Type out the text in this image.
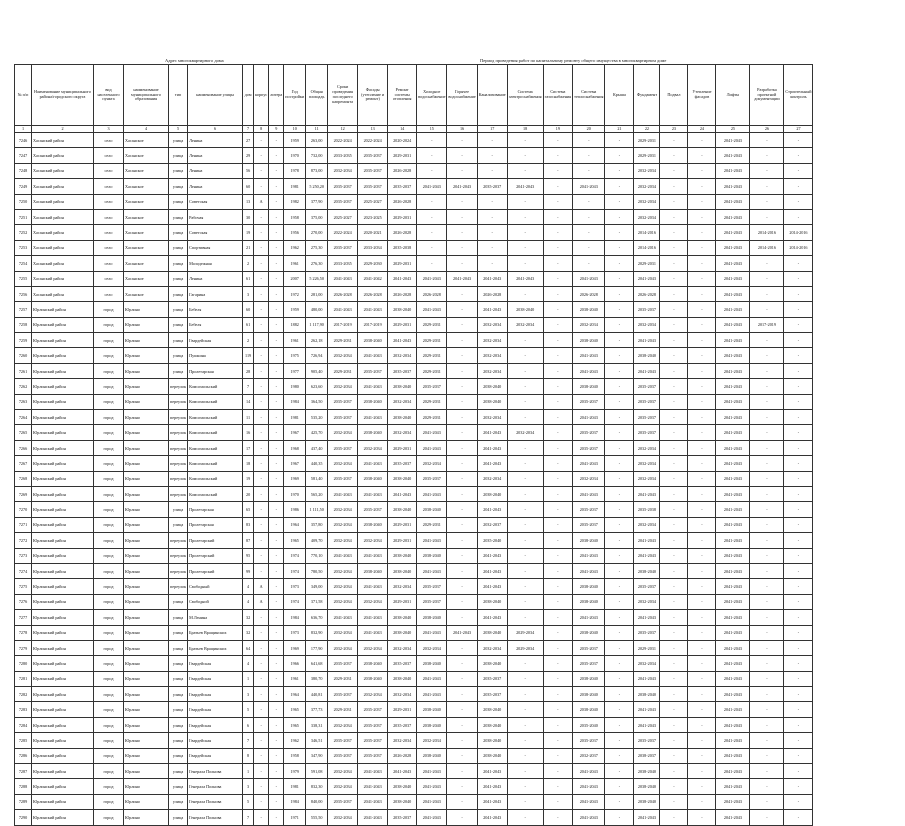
Адрес многоквартирного дома	Период проведения работ по капитальному ремонту общего имущества в многоквартирном доме
№ п/п	Наименование муниципального района/городского округа	вид населенного пункта	наименование муниципального образования	тип	наименование улицы	дом	корпус	литера	Год постройки	Общая площадь	Сроки проведения последнего капремонта	Фасады (утепление и ремонт)	Ремонт системы отопления	Холодное водоснабжение	Горячее водоснабжение	Канализование	Система электроснабжения	Система газоснабжения	Система теплоснабжения	Крыша	Фундамент	Подвал	Утепление фасадов	Лифты	Разработка проектной документации	Строительный контроль
1	2	3	4	5	6	7	8	9	10	11	12	13	14	15	16	17	18	19	20	21	22	23	24	25	26	27
7246	Хасанский район	село	Хасанское	улица	Ленина	27	-	-	1959	263,00	2022-2024	2022-2024	2020-2024	-	-	-	-	-	-	-	2029-2031	-	-	2041-2043	-	-
7247	Хасанский район	село	Хасанское	улица	Ленина	29	-	-	1970	732,00	2033-2035	2035-2037	2029-2031	-	-	-	-	-	-	-	2029-2031	-	-	2041-2043	-	-
7248	Хасанский район	село	Хасанское	улица	Ленина	56	-	-	1978	873,00	2032-2034	2035-2037	2026-2028	-	-	-	-	-	-	-	2032-2034	-	-	2041-2043	-	-
7249	Хасанский район	село	Хасанское	улица	Ленина	60	-	-	1981	5 250,20	2035-2037	2035-2037	2035-2037	2041-2043	2041-2043	2035-2037	2041-2043	-	2041-2043	-	2032-2034	-	-	2041-2043	-	-
7250	Хасанский район	село	Хасанское	улица	Советская	13	А	-	1982	377,90	2035-2037	2025-2027	2026-2028	-	-	-	-	-	-	-	2032-2034	-	-	2041-2043	-	-
7251	Хасанский район	село	Хасанское	улица	Рабочая	30	-	-	1958	375,00	2025-2027	2023-2025	2029-2031	-	-	-	-	-	-	-	2032-2034	-	-	2041-2043	-	-
7252	Хасанский район	село	Хасанское	улица	Советская	19	-	-	1956	270,00	2022-2024	2020-2021	2026-2028	-	-	-	-	-	-	-	2014-2016	-	-	2041-2043	2014-2016	2014-2016
7253	Хасанский район	село	Хасанское	улица	Спортивная	21	-	-	1962	275,30	2035-2037	2033-2034	2035-2038	-	-	-	-	-	-	-	2014-2016	-	-	2041-2043	2014-2016	2014-2016
7254	Хасанский район	село	Хасанское	улица	Молодежная	2	-	-	1961	276,30	2033-2035	2029-2030	2029-2031	-	-	-	-	-	-	-	2029-2031	-	-	2041-2043	-	-
7255	Хасанский район	село	Хасанское	улица	Ленина	61	-	-	2007	5 226,50	2041-2043	2041-2042	2041-2043	2041-2043	2041-2043	2041-2043	2041-2043	-	2041-2043	-	2041-2043	-	-	2041-2043	-	-
7256	Хасанский район	село	Хасанское	улица	Гагарина	3	-	-	1972	281,00	2026-2028	2026-2028	2026-2028	2026-2028	-	2026-2028	-	-	2026-2028	-	2026-2028	-	-	2041-2043	-	-
7257	Юрлинский район	город	Юрлино	улица	Бебеля	60	-	-	1959	480,00	2041-2043	2041-2043	2038-2040	2041-2043	-	2041-2043	2038-2040	-	2038-2040	-	2035-2037	-	-	2041-2043	-	-
7258	Юрлинский район	город	Юрлино	улица	Бебеля	61	-	-	1882	1 117,90	2017-2019	2017-2019	2029-2031	2029-2031	-	2032-2034	2032-2034	-	2032-2034	-	2032-2034	-	-	2041-2043	2017-2019	-
7259	Юрлинский район	город	Юрлино	улица	Гвардейская	2	-	-	1961	262,18	2029-2031	2038-2040	2041-2043	2029-2031	-	2032-2034	-	-	2038-2040	-	2041-2043	-	-	2041-2043	-	-
7260	Юрлинский район	город	Юрлино	улица	Пушкина	119	-	-	1975	726,94	2032-2034	2041-2043	2032-2034	2029-2031	-	2032-2034	-	-	2041-2043	-	2038-2040	-	-	2041-2043	-	-
7261	Юрлинский район	город	Юрлино	улица	Пролетарская	28	-	-	1977	905,40	2029-2031	2035-2037	2035-2037	2029-2031	-	2032-2034	-	-	2041-2043	-	2041-2043	-	-	2041-2043	-	-
7262	Юрлинский район	город	Юрлино	переулок	Комсомольский	7	-	-	1980	623,60	2032-2034	2041-2043	2038-2040	2035-2037	-	2038-2040	-	-	2038-2040	-	2035-2037	-	-	2041-2043	-	-
7263	Юрлинский район	город	Юрлино	переулок	Комсомольский	14	-	-	1984	364,50	2035-2037	2038-2040	2032-2034	2029-2031	-	2038-2040	-	-	2035-2037	-	2035-2037	-	-	2041-2043	-	-
7264	Юрлинский район	город	Юрлино	переулок	Комсомольский	11	-	-	1981	535,20	2035-2037	2041-2043	2038-2040	2029-2031	-	2032-2034	-	-	2041-2043	-	2035-2037	-	-	2041-2043	-	-
7265	Юрлинский район	город	Юрлино	переулок	Комсомольский	16	-	-	1967	425,70	2032-2034	2038-2040	2032-2034	2041-2043	-	2041-2043	2032-2034	-	2035-2037	-	2035-2037	-	-	2041-2043	-	-
7266	Юрлинский район	город	Юрлино	переулок	Комсомольский	17	-	-	1968	437,40	2035-2037	2032-2034	2029-2031	2041-2043	-	2041-2043	-	-	2035-2037	-	2032-2034	-	-	2041-2043	-	-
7267	Юрлинский район	город	Юрлино	переулок	Комсомольский	18	-	-	1967	440,35	2032-2034	2041-2043	2035-2037	2032-2034	-	2041-2043	-	-	2041-2043	-	2032-2034	-	-	2041-2043	-	-
7268	Юрлинский район	город	Юрлино	переулок	Комсомольский	19	-	-	1969	581,40	2035-2037	2038-2040	2038-2040	2035-2037	-	2032-2034	-	-	2032-2034	-	2032-2034	-	-	2041-2043	-	-
7269	Юрлинский район	город	Юрлино	переулок	Комсомольский	20	-	-	1970	565,20	2041-2043	2041-2043	2041-2043	2041-2043	-	2038-2040	-	-	2041-2043	-	2041-2043	-	-	2041-2043	-	-
7270	Юрлинский район	город	Юрлино	улица	Пролетарская	65	-	-	1986	1 111,50	2032-2034	2035-2037	2038-2040	2038-2040	-	2041-2043	-	-	2035-2037	-	2035-2038	-	-	2041-2043	-	-
7271	Юрлинский район	город	Юрлино	улица	Пролетарская	83	-	-	1964	357,80	2032-2034	2038-2040	2029-2031	2029-2031	-	2032-2037	-	-	2035-2037	-	2032-2034	-	-	2041-2043	-	-
7272	Юрлинский район	город	Юрлино	переулок	Пролетарский	87	-	-	1965	409,70	2032-2034	2032-2034	2029-2031	2041-2043	-	2035-2040	-	-	2038-2040	-	2041-2043	-	-	2041-2043	-	-
7273	Юрлинский район	город	Юрлино	переулок	Пролетарский	95	-	-	1974	770,10	2041-2043	2041-2043	2038-2040	2038-2040	-	2041-2043	-	-	2041-2043	-	2041-2043	-	-	2041-2043	-	-
7274	Юрлинский район	город	Юрлино	переулок	Пролетарский	99	-	-	1974	780,50	2032-2034	2038-2040	2038-2040	2041-2043	-	2041-2043	-	-	2041-2043	-	2038-2040	-	-	2041-2043	-	-
7275	Юрлинский район	город	Юрлино	переулок	Свободный	4	А	-	1973	349,00	2032-2034	2041-2043	2032-2034	2035-2037	-	2041-2043	-	-	2038-2040	-	2035-2037	-	-	2041-2043	-	-
7276	Юрлинский район	город	Юрлино	улица	Свободной	4	А	-	1974	371,58	2032-2034	2032-2034	2029-2031	2035-2037	-	2038-2040	-	-	2038-2040	-	2032-2034	-	-	2041-2043	-	-
7277	Юрлинский район	город	Юрлино	улица	М.Ленина	32	-	-	1984	636,70	2041-2043	2041-2043	2038-2040	2038-2040	-	2041-2043	-	-	2041-2043	-	2041-2043	-	-	2041-2043	-	-
7278	Юрлинский район	город	Юрлино	улица	Братьев Вращинских	32	-	-	1973	832,90	2032-2034	2041-2043	2038-2040	2041-2043	2041-2043	2038-2040	2029-2034	-	2038-2040	-	2035-2037	-	-	2041-2043	-	-
7279	Юрлинский район	город	Юрлино	улица	Братьев Вращинских	64	-	-	1969	177,90	2032-2034	2032-2034	2032-2034	2032-2034	-	2032-2034	2029-2034	-	2035-2037	-	2029-2031	-	-	2041-2043	-	-
7280	Юрлинский район	город	Юрлино	улица	Гвардейская	4	-	-	1966	641,68	2035-2037	2038-2040	2035-2037	2038-2040	-	2038-2040	-	-	2035-2037	-	2032-2034	-	-	2041-2043	-	-
7281	Юрлинский район	город	Юрлино	улица	Гвардейская	1	-	-	1961	380,70	2029-2031	2038-2040	2038-2040	2041-2043	-	2035-2037	-	-	2038-2040	-	2041-2043	-	-	2041-2043	-	-
7282	Юрлинский район	город	Юрлино	улица	Гвардейская	3	-	-	1964	440,81	2035-2037	2032-2034	2032-2034	2041-2043	-	2035-2037	-	-	2038-2040	-	2038-2040	-	-	2041-2043	-	-
7283	Юрлинский район	город	Юрлино	улица	Гвардейская	5	-	-	1965	377,73	2029-2031	2035-2037	2029-2031	2038-2040	-	2038-2040	-	-	2038-2040	-	2041-2043	-	-	2041-2043	-	-
7284	Юрлинский район	город	Юрлино	улица	Гвардейская	6	-	-	1965	338,31	2032-2034	2035-2037	2035-2037	2038-2040	-	2038-2040	-	-	2035-2040	-	2041-2043	-	-	2041-2043	-	-
7285	Юрлинский район	город	Юрлино	улица	Гвардейская	7	-	-	1962	346,51	2035-2037	2035-2037	2032-2034	2032-2034	-	2038-2040	-	-	2035-2037	-	2035-2037	-	-	2041-2043	-	-
7286	Юрлинский район	город	Юрлино	улица	Гвардейская	8	-	-	1958	347,90	2035-2037	2035-2037	2026-2028	2038-2040	-	2038-2040	-	-	2032-2037	-	2038-2037	-	-	2041-2043	-	-
7287	Юрлинский район	город	Юрлино	улица	Генерала Полнова	1	-	-	1979	591,08	2032-2034	2041-2043	2041-2043	2041-2043	-	2041-2043	-	-	2041-2043	-	2038-2040	-	-	2041-2043	-	-
7288	Юрлинский район	город	Юрлино	улица	Генерала Полнова	3	-	-	1981	832,30	2032-2034	2041-2043	2038-2040	2041-2043	-	2041-2043	-	-	2041-2043	-	2038-2040	-	-	2041-2043	-	-
7289	Юрлинский район	город	Юрлино	улица	Генерала Полнова	5	-	-	1984	840,00	2035-2037	2041-2043	2038-2040	2041-2043	-	2041-2043	-	-	2041-2043	-	2038-2040	-	-	2041-2043	-	-
7290	Юрлинский район	город	Юрлино	улица	Генерала Полнова	7	-	-	1971	555,50	2032-2034	2041-2043	2035-2037	2041-2043	-	2041-2043	-	-	2041-2043	-	2041-2043	-	-	2041-2043	-	-
